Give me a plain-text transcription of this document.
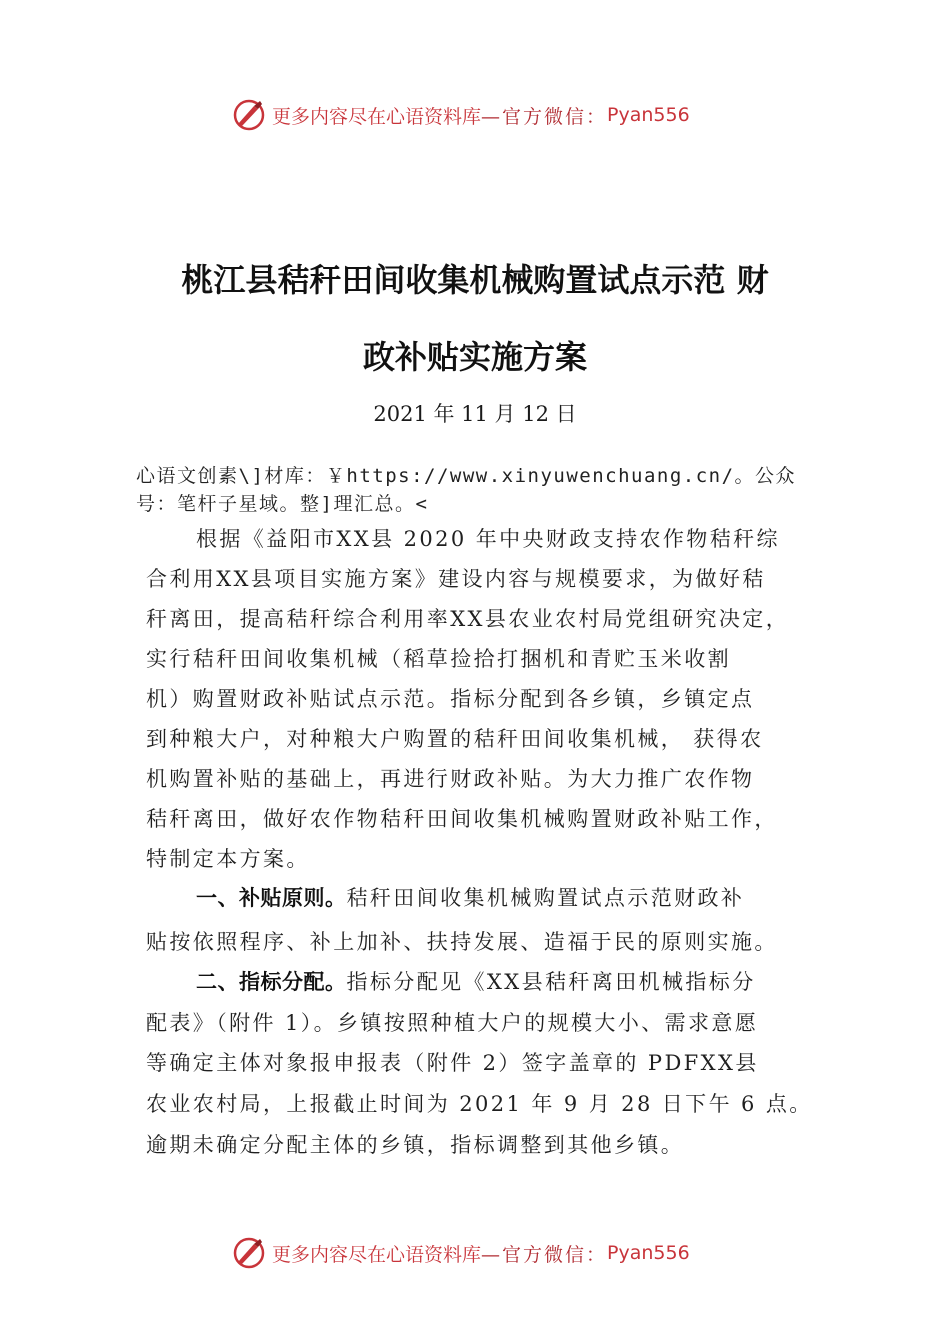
更多内容尽在心语资料库 —官方微信： Pyan556
桃江县秸秆田间收集机械购置试点示范 财
政补贴实施方案
2021 年 11 月 12 日
心语文创素\]材库：￥https://www.xinyuwenchuang.cn/。公众号：笔杆子星域。整]理汇总。<
根据《益阳市XX县 2020 年中央财政支持农作物秸秆综
合利用XX县项目实施方案》建设内容与规模要求，为做好秸
秆离田，提高秸秆综合利用率XX县农业农村局党组研究决定，
实行秸秆田间收集机械（稻草捡拾打捆机和青贮玉米收割
机）购置财政补贴试点示范。指标分配到各乡镇，乡镇定点
到种粮大户，对种粮大户购置的秸秆田间收集机械， 获得农
机购置补贴的基础上，再进行财政补贴。为大力推广农作物
秸秆离田，做好农作物秸秆田间收集机械购置财政补贴工作，
特制定本方案。
一、补贴原则。秸秆田间收集机械购置试点示范财政补
贴按依照程序、补上加补、扶持发展、造福于民的原则实施。
二、指标分配。指标分配见《XX县秸秆离田机械指标分
配表》（附件 1）。乡镇按照种植大户的规模大小、需求意愿
等确定主体对象报申报表（附件 2）签字盖章的 PDFXX县
农业农村局，上报截止时间为 2021 年 9 月 28 日下午 6 点。
逾期未确定分配主体的乡镇，指标调整到其他乡镇。
更多内容尽在心语资料库 —官方微信： Pyan556
